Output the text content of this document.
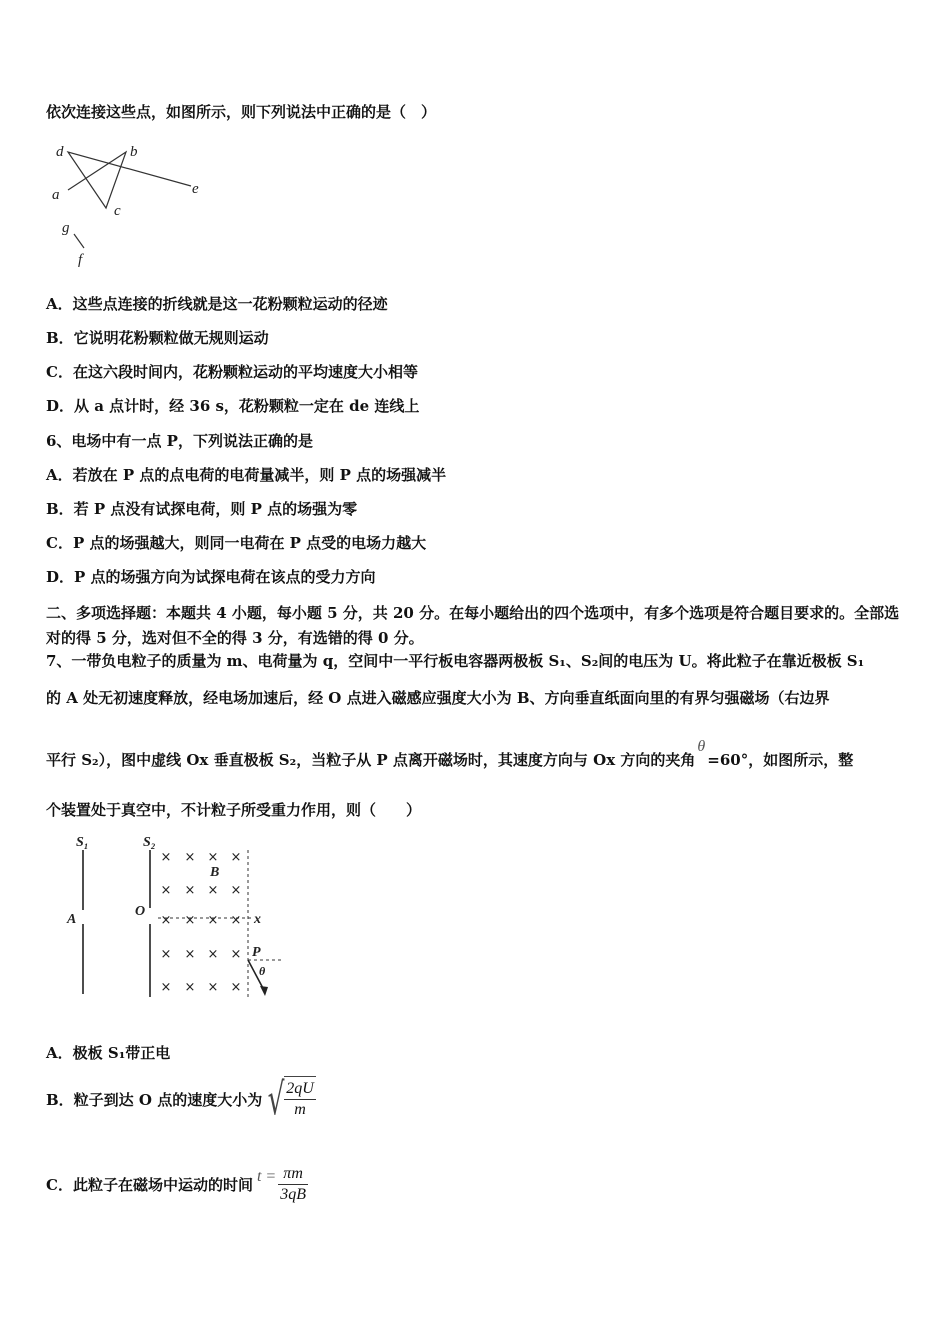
依次连接这些点，如图所示，则下列说法中正确的是（　）
d	b
a
c
e
g
f
A．这些点连接的折线就是这一花粉颗粒运动的径迹
B．它说明花粉颗粒做无规则运动
C．在这六段时间内，花粉颗粒运动的平均速度大小相等
D．从 a 点计时，经 36 s，花粉颗粒一定在 de 连线上
6、电场中有一点 P，下列说法正确的是
A．若放在 P 点的点电荷的电荷量减半，则 P 点的场强减半
B．若 P 点没有试探电荷，则 P 点的场强为零
C．P 点的场强越大，则同一电荷在 P 点受的电场力越大
D．P 点的场强方向为试探电荷在该点的受力方向
二、多项选择题：本题共 4 小题，每小题 5 分，共 20 分。在每小题给出的四个选项中，有多个选项是符合题目要求的。全部选对的得 5 分，选对但不全的得 3 分，有选错的得 0 分。
7、一带负电粒子的质量为 m、电荷量为 q，空间中一平行板电容器两极板 S₁、S₂间的电压为 U。将此粒子在靠近极板 S₁
的 A 处无初速度释放，经电场加速后，经 O 点进入磁感应强度大小为 B、方向垂直纸面向里的有界匀强磁场（右边界
平行 S₂），图中虚线 Ox 垂直极板 S₂，当粒子从 P 点离开磁场时，其速度方向与 Ox 方向的夹角θ=60°，如图所示，整
个装置处于真空中，不计粒子所受重力作用，则（　　）
× × × ×
× × × ×
× × × ×
× × × ×
× × × ×
S₁	S₂
A
O
B
x
P
θ
A．极板 S₁带正电
B．粒子到达 O 点的速度大小为 √ $\frac{2qU}{m}$
C．此粒子在磁场中运动的时间 $t = \frac{\pi m}{3qB}$
